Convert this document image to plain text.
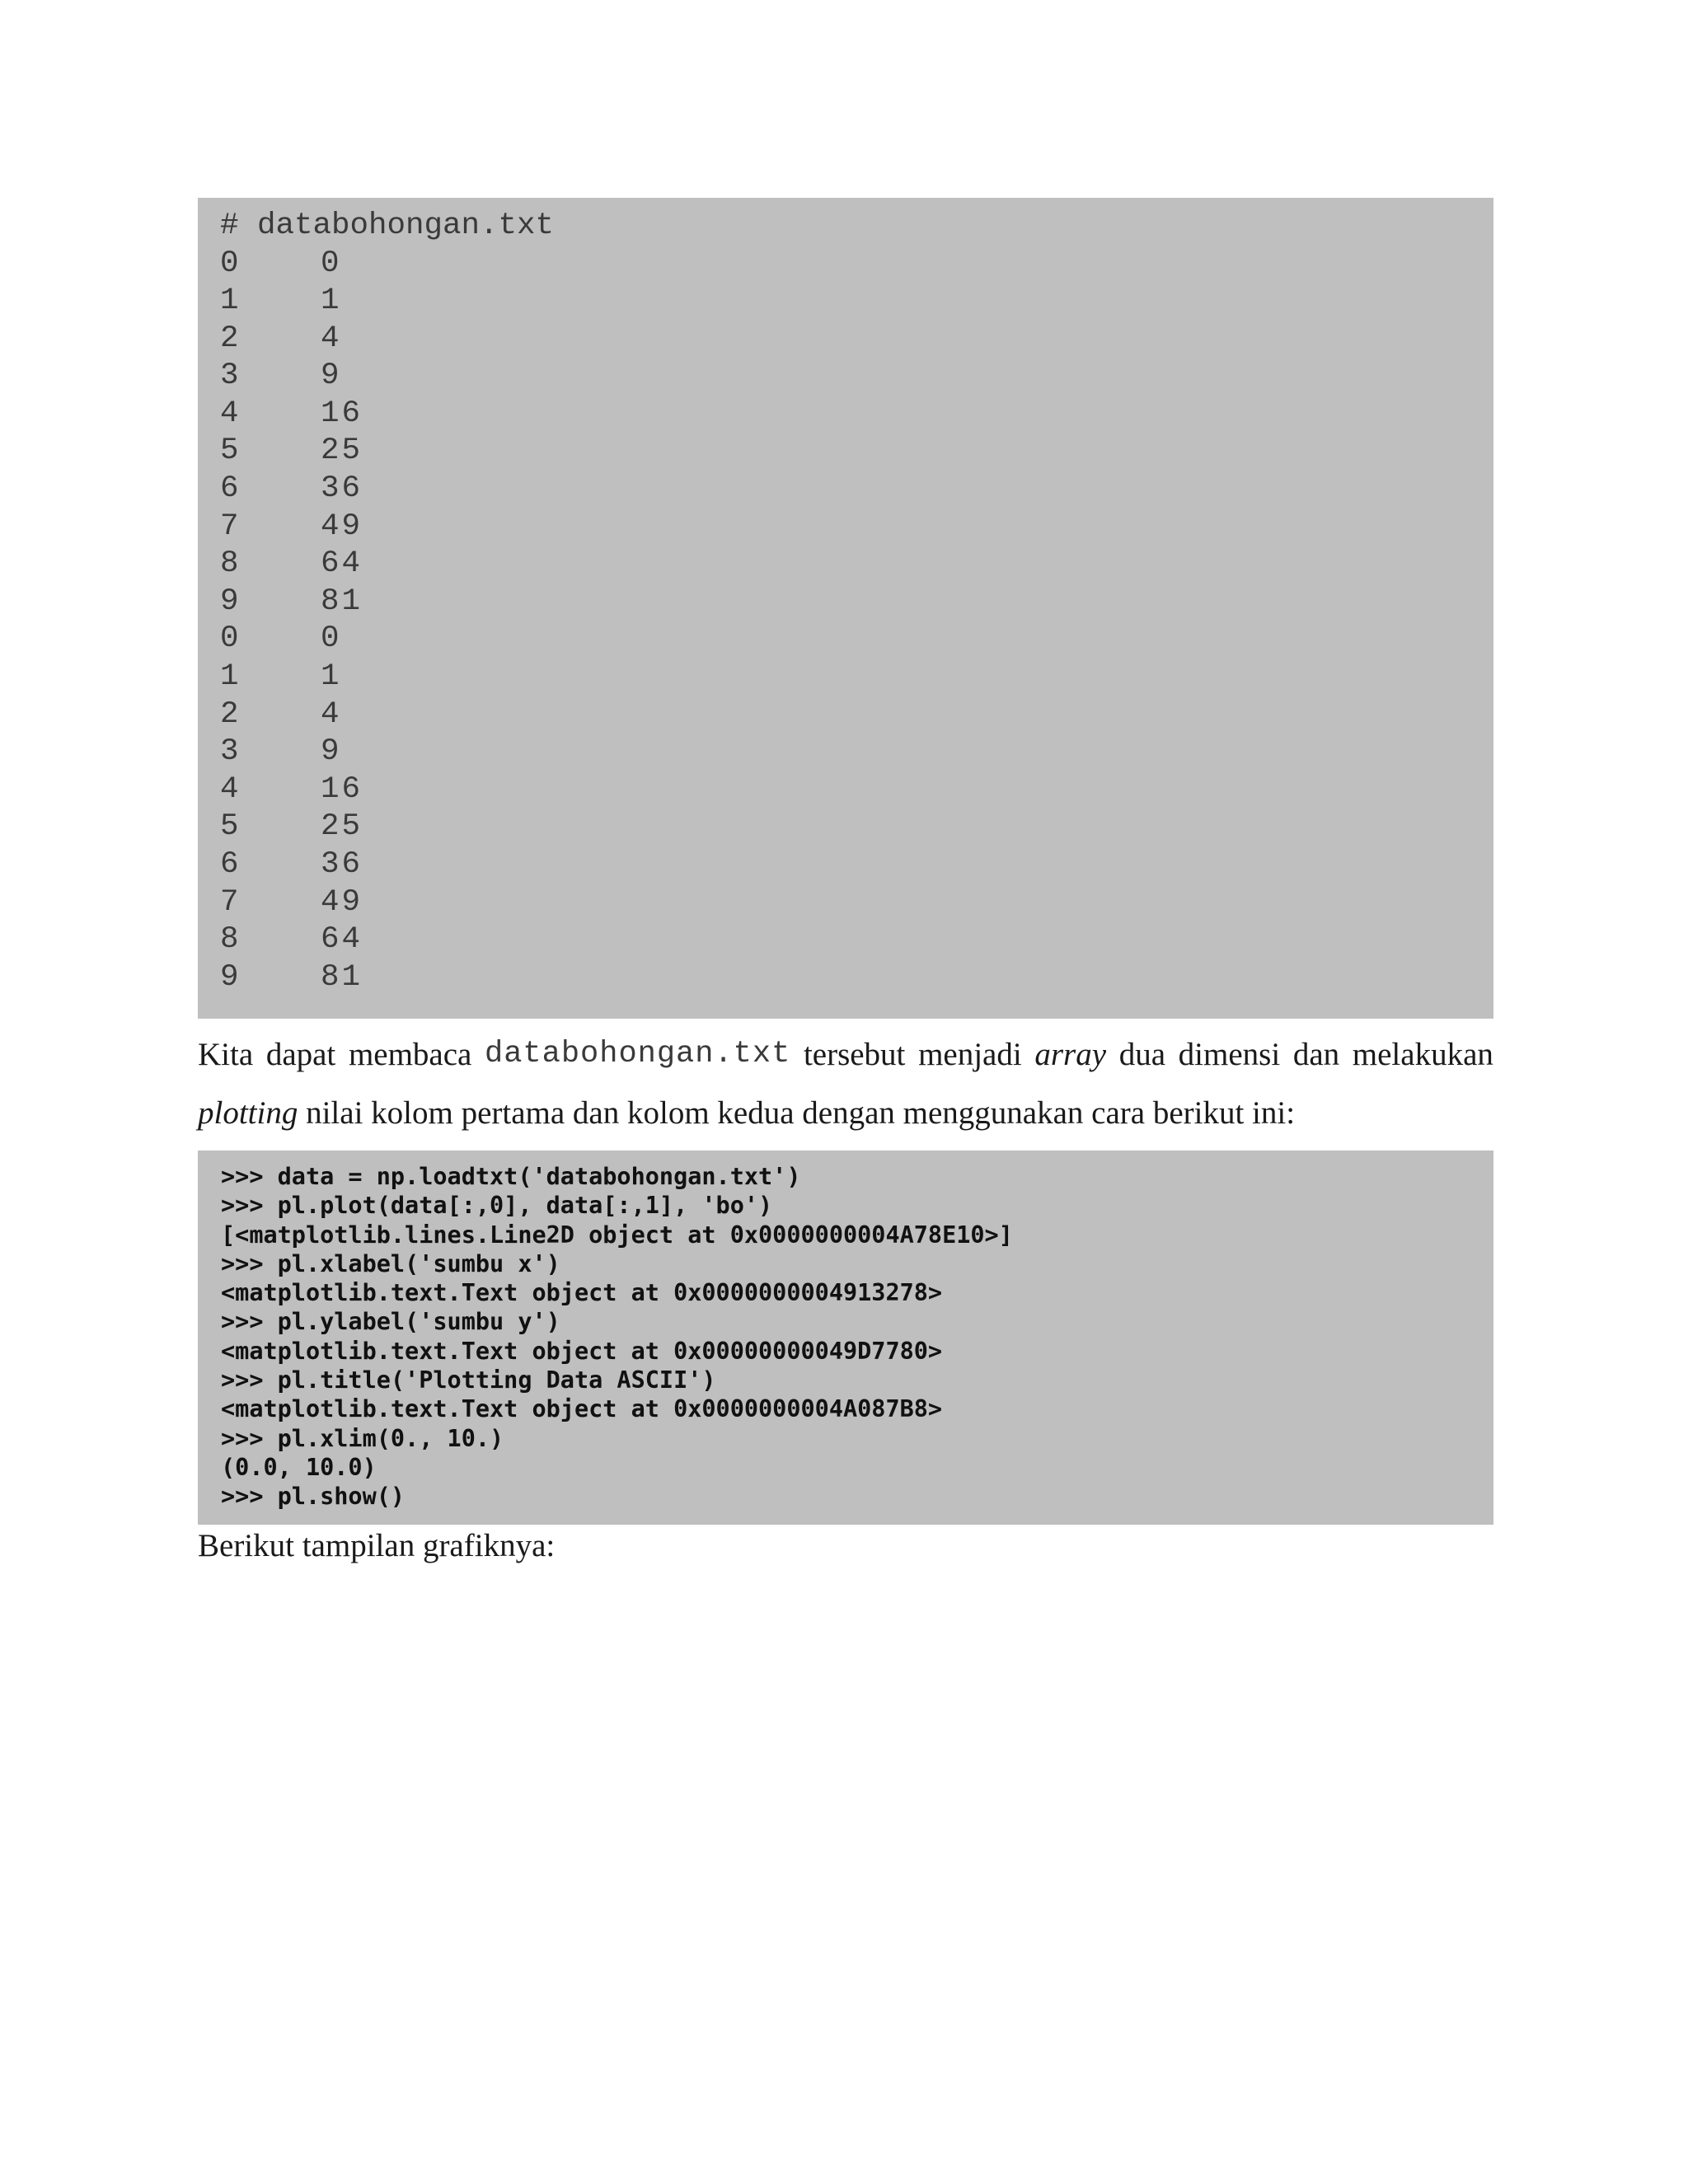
# databohongan.txt
0	0
1	1
2	4
3	9
4	16
5	25
6	36
7	49
8	64
9	81
0	0
1	1
2	4
3	9
4	16
5	25
6	36
7	49
8	64
9	81
Kita dapat membaca databohongan.txt tersebut menjadi array dua dimensi dan melakukan
plotting nilai kolom pertama dan kolom kedua dengan menggunakan cara berikut ini:
>>> data = np.loadtxt('databohongan.txt')
>>> pl.plot(data[:,0], data[:,1], 'bo')
[<matplotlib.lines.Line2D object at 0x0000000004A78E10>]
>>> pl.xlabel('sumbu x')
<matplotlib.text.Text object at 0x0000000004913278>
>>> pl.ylabel('sumbu y')
<matplotlib.text.Text object at 0x00000000049D7780>
>>> pl.title('Plotting Data ASCII')
<matplotlib.text.Text object at 0x0000000004A087B8>
>>> pl.xlim(0., 10.)
(0.0, 10.0)
>>> pl.show()
Berikut tampilan grafiknya:
